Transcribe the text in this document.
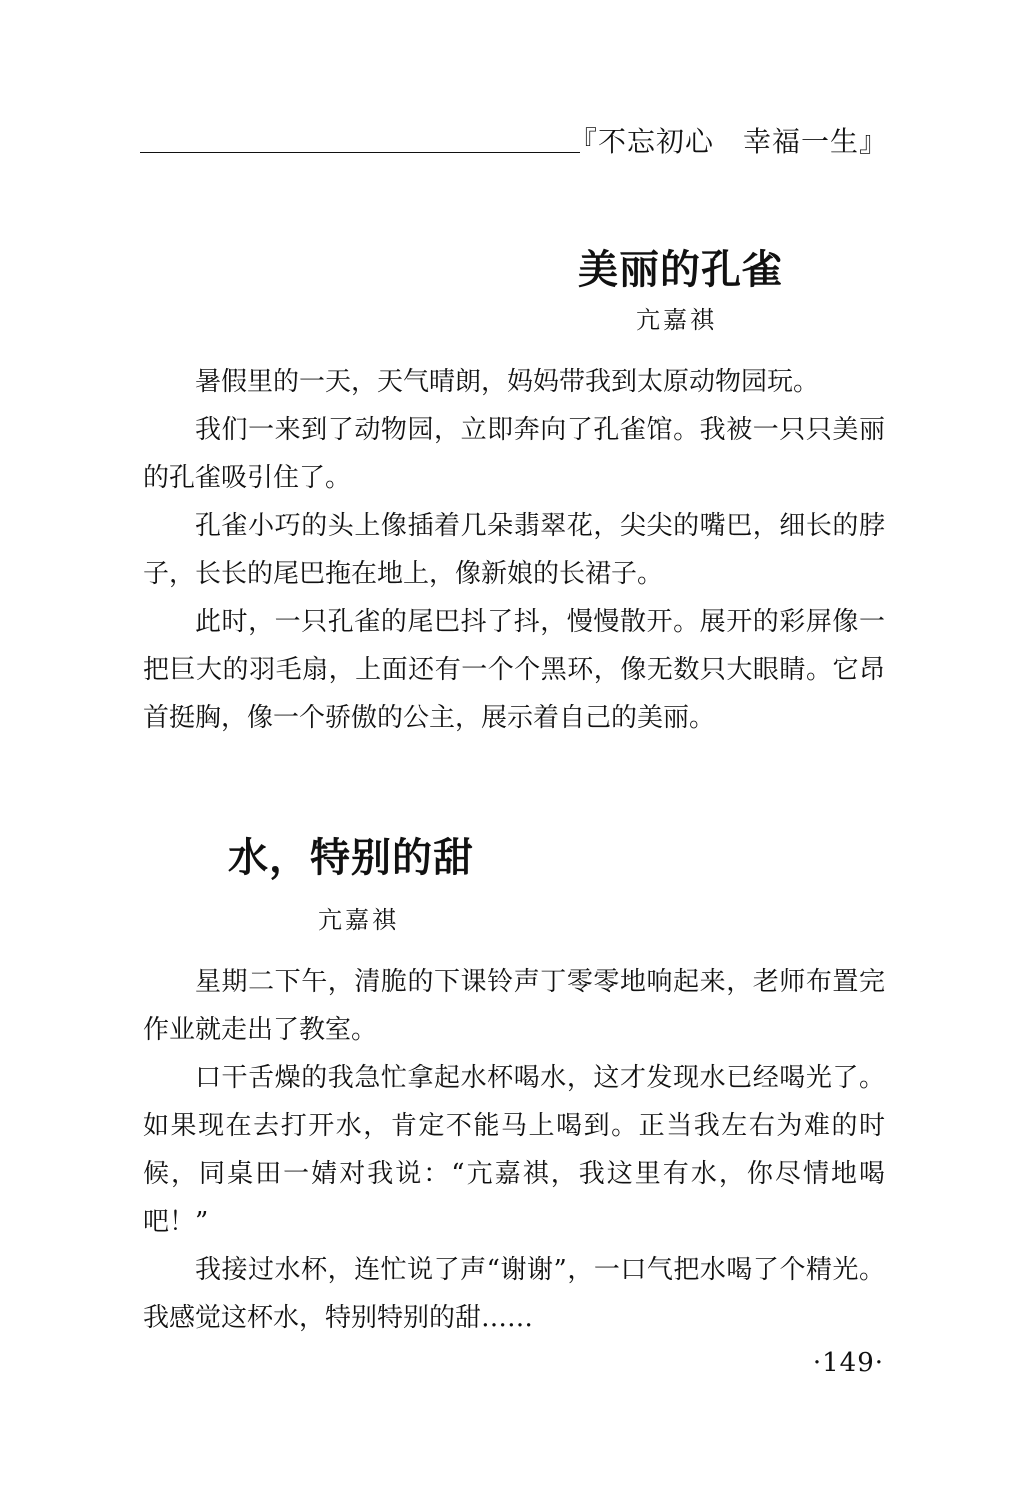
『不忘初心　幸福一生』
美丽的孔雀
亢嘉祺

暑假里的一天，天气晴朗，妈妈带我到太原动物园玩。

我们一来到了动物园，立即奔向了孔雀馆。我被一只只美丽的孔雀吸引住了。

孔雀小巧的头上像插着几朵翡翠花，尖尖的嘴巴，细长的脖子，长长的尾巴拖在地上，像新娘的长裙子。

此时，一只孔雀的尾巴抖了抖，慢慢散开。展开的彩屏像一把巨大的羽毛扇，上面还有一个个黑环，像无数只大眼睛。它昂首挺胸，像一个骄傲的公主，展示着自己的美丽。

水，特别的甜
亢嘉祺

星期二下午，清脆的下课铃声丁零零地响起来，老师布置完作业就走出了教室。

口干舌燥的我急忙拿起水杯喝水，这才发现水已经喝光了。如果现在去打开水，肯定不能马上喝到。正当我左右为难的时候，同桌田一婧对我说：“亢嘉祺，我这里有水，你尽情地喝吧！”

我接过水杯，连忙说了声“谢谢”，一口气把水喝了个精光。我感觉这杯水，特别特别的甜……

·149·
